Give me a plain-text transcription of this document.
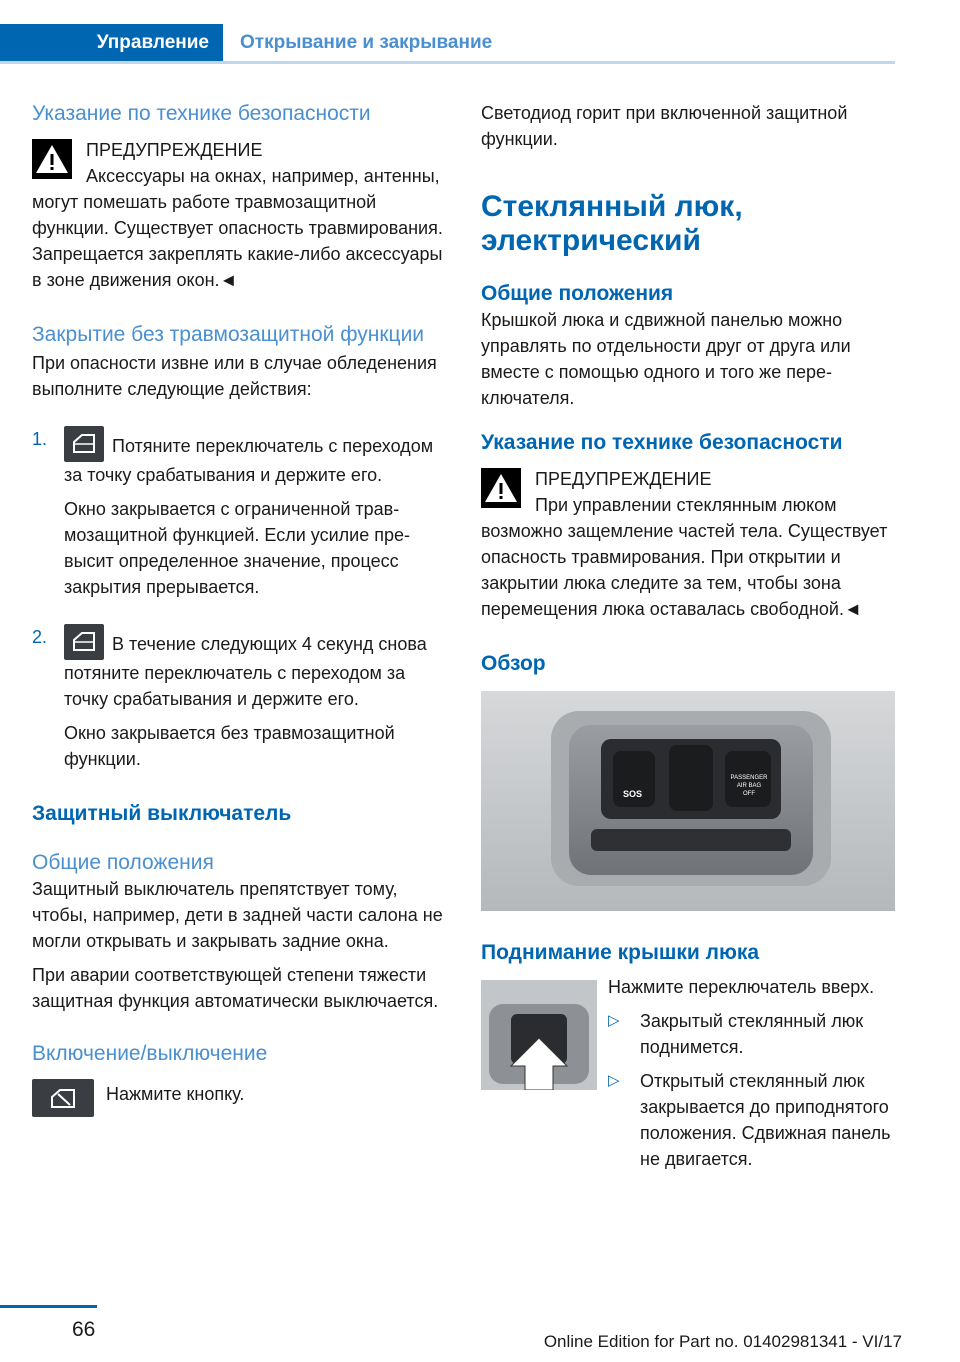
Управление	Открывание и закрывание
Указание по технике безопасности

ПРЕДУПРЕЖДЕНИЕ

Аксессуары на окнах, например, антенны, могут помешать работе травмозащитной функции. Существует опасность травмирования. Запрещается закреплять какие-либо аксессуары в зоне движения окон.◄

Закрытие без травмозащитной функции

При опасности извне или в случае обледенения выполните следующие действия:

1.	Потяните переключатель с переходом за точку срабатывания и держите его.

Окно закрывается с ограниченной травмозащитной функцией. Если усилие превысит определенное значение, процесс закрытия прерывается.

2.	В течение следующих 4 секунд снова потяните переключатель с переходом за точку срабатывания и держите его.

Окно закрывается без травмозащитной функции.

Защитный выключатель
Общие положения

Защитный выключатель препятствует тому, чтобы, например, дети в задней части салона не могли открывать и закрывать задние окна.

При аварии соответствующей степени тяжести защитная функция автоматически выключается.

Включение/выключение

Нажмите кнопку.

Светодиод горит при включенной защитной функции.

Стеклянный люк, электрический
Общие положения

Крышкой люка и сдвижной панелью можно управлять по отдельности друг от друга или вместе с помощью одного и того же переключателя.

Указание по технике безопасности

ПРЕДУПРЕЖДЕНИЕ

При управлении стеклянным люком возможно защемление частей тела. Существует опасность травмирования. При открытии и закрытии люка следите за тем, чтобы зона перемещения люка оставалась свободной.◄

Обзор
SOS
PASSENGER
AIR BAG
OFF
Поднимание крышки люка

Нажмите переключатель вверх.

▷ Закрытый стеклянный люк поднимется.

▷ Открытый стеклянный люк закрывается до приподнятого положения. Сдвижная панель не двигается.

66
Online Edition for Part no. 01402981341 - VI/17
